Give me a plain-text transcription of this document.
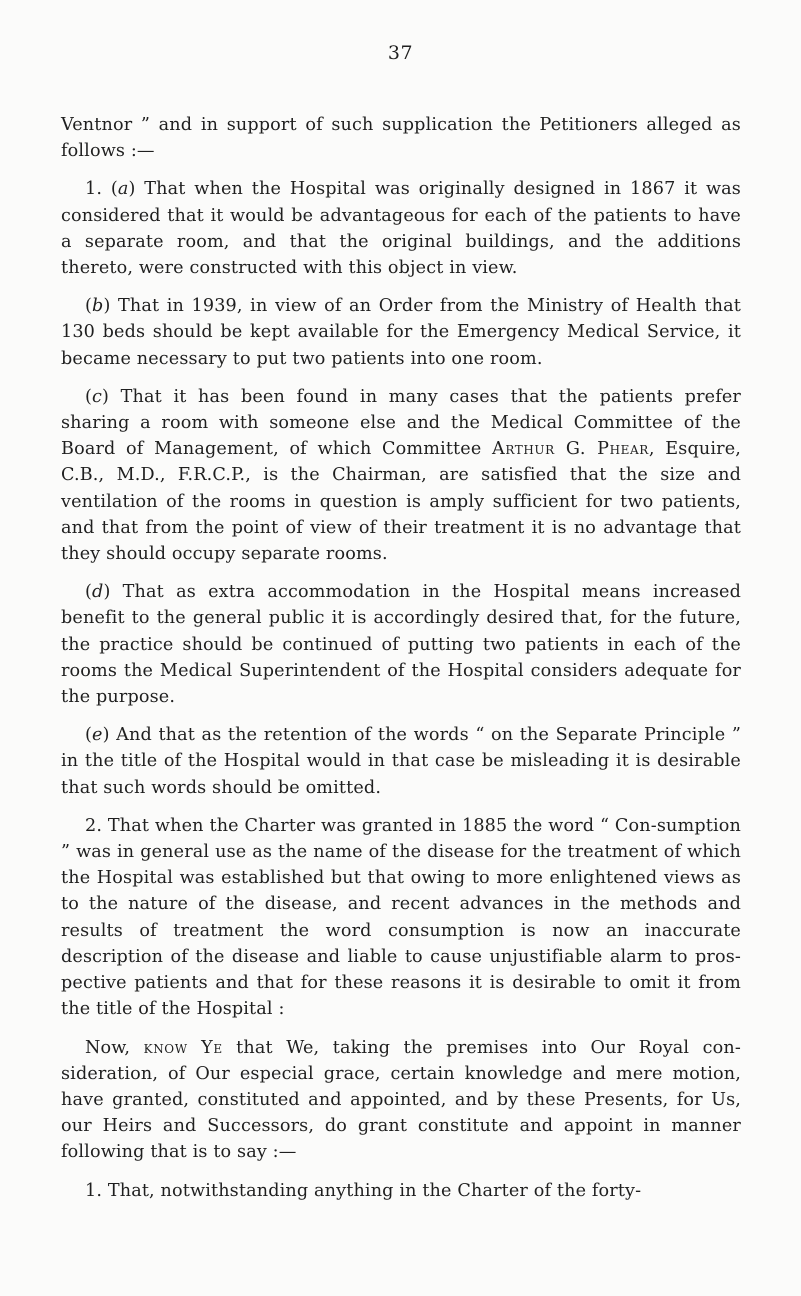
37

Ventnor ” and in support of such supplication the Petitioners alleged as follows :—

1. (a) That when the Hospital was originally designed in 1867 it was considered that it would be advantageous for each of the patients to have a separate room, and that the original buildings, and the additions thereto, were constructed with this object in view.

(b) That in 1939, in view of an Order from the Ministry of Health that 130 beds should be kept available for the Emergency Medical Service, it became necessary to put two patients into one room.

(c) That it has been found in many cases that the patients prefer sharing a room with someone else and the Medical Committee of the Board of Management, of which Committee Arthur G. Phear, Esquire, C.B., M.D., F.R.C.P., is the Chairman, are satisfied that the size and ventilation of the rooms in question is amply sufficient for two patients, and that from the point of view of their treatment it is no advantage that they should occupy separate rooms.

(d) That as extra accommodation in the Hospital means increased benefit to the general public it is accordingly desired that, for the future, the practice should be continued of putting two patients in each of the rooms the Medical Superintendent of the Hospital considers adequate for the purpose.

(e) And that as the retention of the words “ on the Separate Principle ” in the title of the Hospital would in that case be misleading it is desirable that such words should be omitted.

2. That when the Charter was granted in 1885 the word “ Con-sumption ” was in general use as the name of the disease for the treatment of which the Hospital was established but that owing to more enlightened views as to the nature of the disease, and recent advances in the methods and results of treatment the word consumption is now an inaccurate description of the disease and liable to cause unjustifiable alarm to pros-pective patients and that for these reasons it is desirable to omit it from the title of the Hospital :

Now, know Ye that We, taking the premises into Our Royal con-sideration, of Our especial grace, certain knowledge and mere motion, have granted, constituted and appointed, and by these Presents, for Us, our Heirs and Successors, do grant constitute and appoint in manner following that is to say :—

1. That, notwithstanding anything in the Charter of the forty-
